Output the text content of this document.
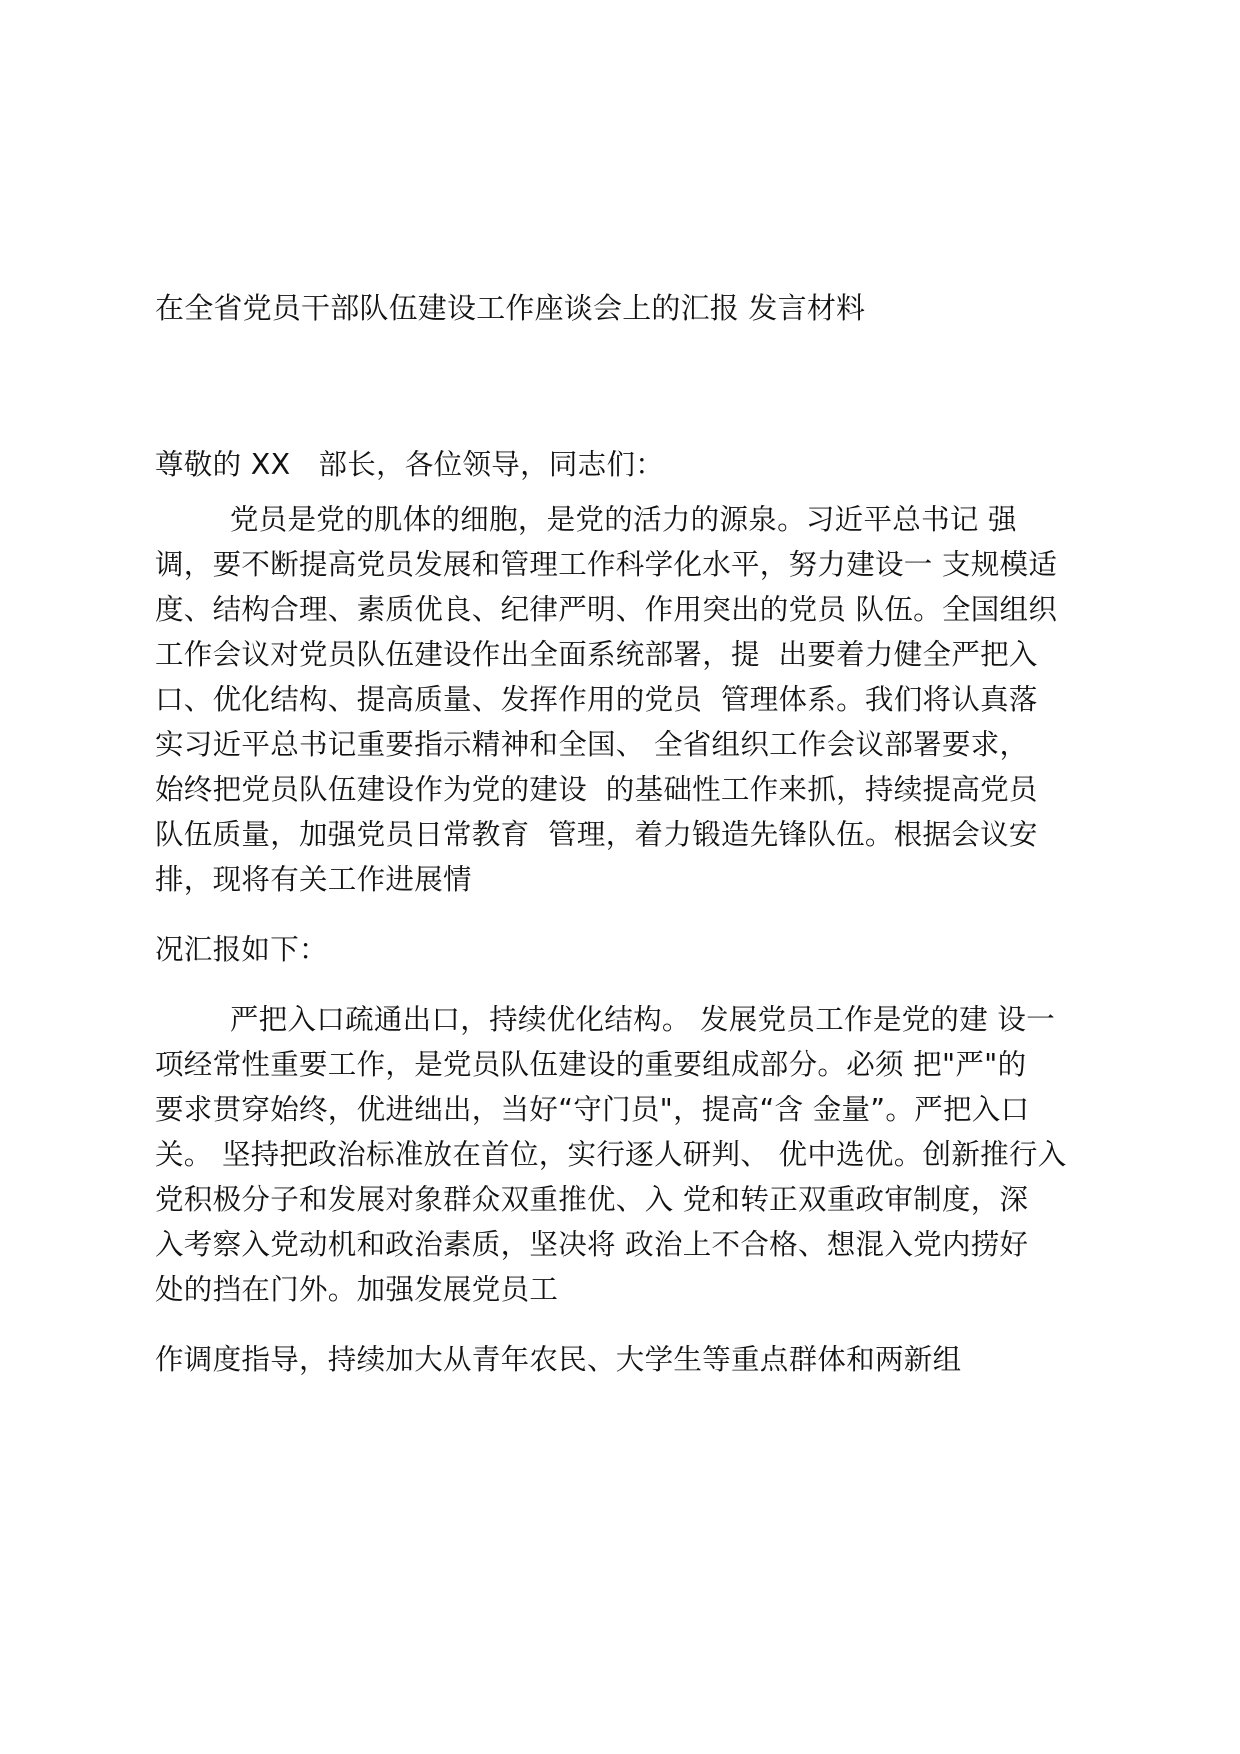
在全省党员干部队伍建设工作座谈会上的汇报 发言材料
尊敬的 XX   部长，各位领导，同志们：
党员是党的肌体的细胞，是党的活力的源泉。习近平总书记 强
调，要不断提高党员发展和管理工作科学化水平，努力建设一 支规模适
度、结构合理、素质优良、纪律严明、作用突出的党员 队伍。全国组织
工作会议对党员队伍建设作出全面系统部署，提  出要着力健全严把入
口、优化结构、提高质量、发挥作用的党员  管理体系。我们将认真落
实习近平总书记重要指示精神和全国、 全省组织工作会议部署要求，
始终把党员队伍建设作为党的建设  的基础性工作来抓，持续提高党员
队伍质量，加强党员日常教育  管理，着力锻造先锋队伍。根据会议安
排，现将有关工作进展情
况汇报如下：
严把入口疏通出口，持续优化结构。 发展党员工作是党的建 设一
项经常性重要工作，是党员队伍建设的重要组成部分。必须 把"严"的
要求贯穿始终，优进绌出，当好“守门员"，提高“含 金量”。严把入口
关。 坚持把政治标准放在首位，实行逐人研判、 优中选优。创新推行入
党积极分子和发展对象群众双重推优、入 党和转正双重政审制度，深
入考察入党动机和政治素质，坚决将 政治上不合格、想混入党内捞好
处的挡在门外。加强发展党员工
作调度指导，持续加大从青年农民、大学生等重点群体和两新组
